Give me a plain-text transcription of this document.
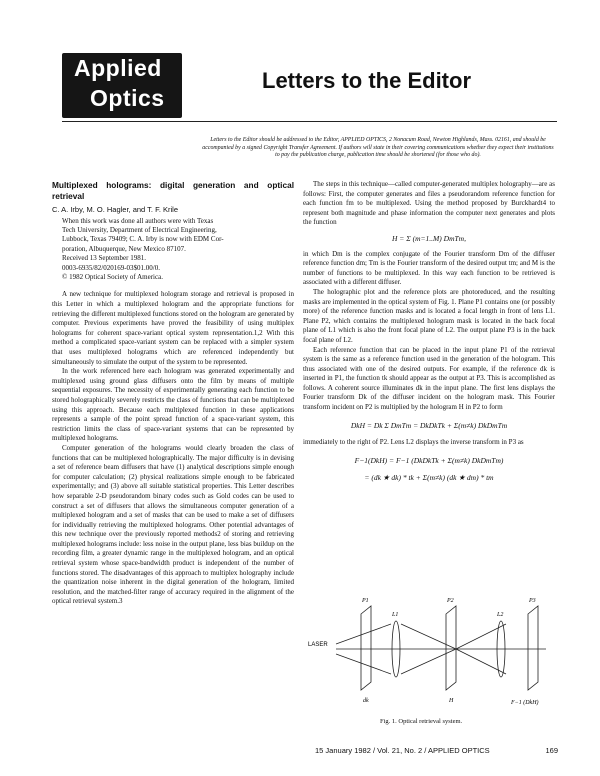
Applied
Optics
Letters to the Editor
Letters to the Editor should be addressed to the Editor, APPLIED OPTICS, 2 Nonacum Road, Newton Highlands, Mass. 02161, and should be accompanied by a signed Copyright Transfer Agreement. If authors will state in their covering communications whether they expect their institutions to pay the publication charge, publication time should be shortened (for those who do).

Multiplexed holograms: digital generation and optical retrieval

C. A. Irby, M. O. Hagler, and T. F. Krile
When this work was done all authors were with Texas
Tech University, Department of Electrical Engineering,
Lubbock, Texas 79409; C. A. Irby is now with EDM Cor-
poration, Albuquerque, New Mexico 87107.
Received 13 September 1981.
0003-6935/82/020169-03$01.00/0.
© 1982 Optical Society of America.

A new technique for multiplexed hologram storage and retrieval is proposed in this Letter in which a multiplexed hologram and the appropriate functions for retrieving the different multiplexed functions stored on the hologram are generated by computer. Previous experiments have proved the feasibility of using multiplex holograms for coherent space-variant optical system representation.1,2 With this method a complicated space-variant system can be replaced with a simpler system that uses multiplexed holograms which are referenced independently but simultaneously to simulate the output of the system to be represented.

In the work referenced here each hologram was generated experimentally and multiplexed using ground glass diffusers onto the film by means of multiple sequential exposures. The necessity of experimentally generating each function to be stored holographically severely restricts the class of functions that can be multiplexed using this approach. Because each multiplexed function in these applications represents a sample of the point spread function of a space-variant system, this restriction limits the class of space-variant systems that can be represented by multiplexed holograms.

Computer generation of the holograms would clearly broaden the class of functions that can be multiplexed holographically. The major difficulty is in devising a set of reference beam diffusers that have (1) analytical descriptions simple enough for computer calculation; (2) physical realizations simple enough to be fabricated experimentally; and (3) above all suitable statistical properties. This Letter describes how separable 2-D pseudorandom binary codes such as Gold codes can be used to construct a set of diffusers that allows the simultaneous computer generation of a multiplexed hologram and a set of masks that can be used to make a set of diffusers for individually retrieving the multiplexed holograms. Other potential advantages of this new technique over the previously reported methods2 of storing and retrieving multiplexed holograms include: less noise in the output plane, less bias buildup on the recording film, a greater dynamic range in the multiplexed hologram, and an optical retrieval system whose space-bandwidth product is independent of the number of functions stored. The disadvantages of this approach to multiplex holography include the quantization noise inherent in the digital generation of the hologram, limited resolution, and the matched-filter range of accuracy required in the alignment of the optical retrieval system.3

The steps in this technique—called computer-generated multiplex holography—are as follows: First, the computer generates and files a pseudorandom reference function for each function fm to be multiplexed. Using the method proposed by Burckhardt4 to represent both magnitude and phase information the computer next generates and plots the function

H = Σ (m=1..M) DmTm,

in which Dm is the complex conjugate of the Fourier transform Dm of the diffuser reference function dm; Tm is the Fourier transform of the desired output tm; and M is the number of functions to be multiplexed. In this way each function to be retrieved is associated with a different diffuser.

The holographic plot and the reference plots are photoreduced, and the resulting masks are implemented in the optical system of Fig. 1. Plane P1 contains one (or possibly more) of the reference function masks and is located a focal length in front of lens L1. Plane P2, which contains the multiplexed hologram mask is located in the back focal plane of L1 which is also the front focal plane of L2. The output plane P3 is in the back focal plane of L2.

Each reference function that can be placed in the input plane P1 of the retrieval system is the same as a reference function used in the generation of the hologram. This thus associated with one of the desired outputs. For example, if the reference dk is inserted in P1, the function tk should appear as the output at P3. This is accomplished as follows. A coherent source illuminates dk in the input plane. The first lens displays the Fourier transform Dk of the diffuser incident on the hologram mask. This Fourier transform incident on P2 is multiplied by the hologram H in P2 to form

DkH = Dk Σ DmTm = DkDkTk + Σ(m≠k) DkDmTm

immediately to the right of P2. Lens L2 displays the inverse transform in P3 as

F−1(DkH) = F−1 (DkDkTk + Σ(m≠k) DkDmTm)
= (dk ★ dk) * tk + Σ(m≠k) (dk ★ dm) * tm
LASER
P1
L1
P2
L2
P3
dk	H	F−1 (DkH)
Fig. 1. Optical retrieval system.
15 January 1982 / Vol. 21, No. 2 / APPLIED OPTICS	169
